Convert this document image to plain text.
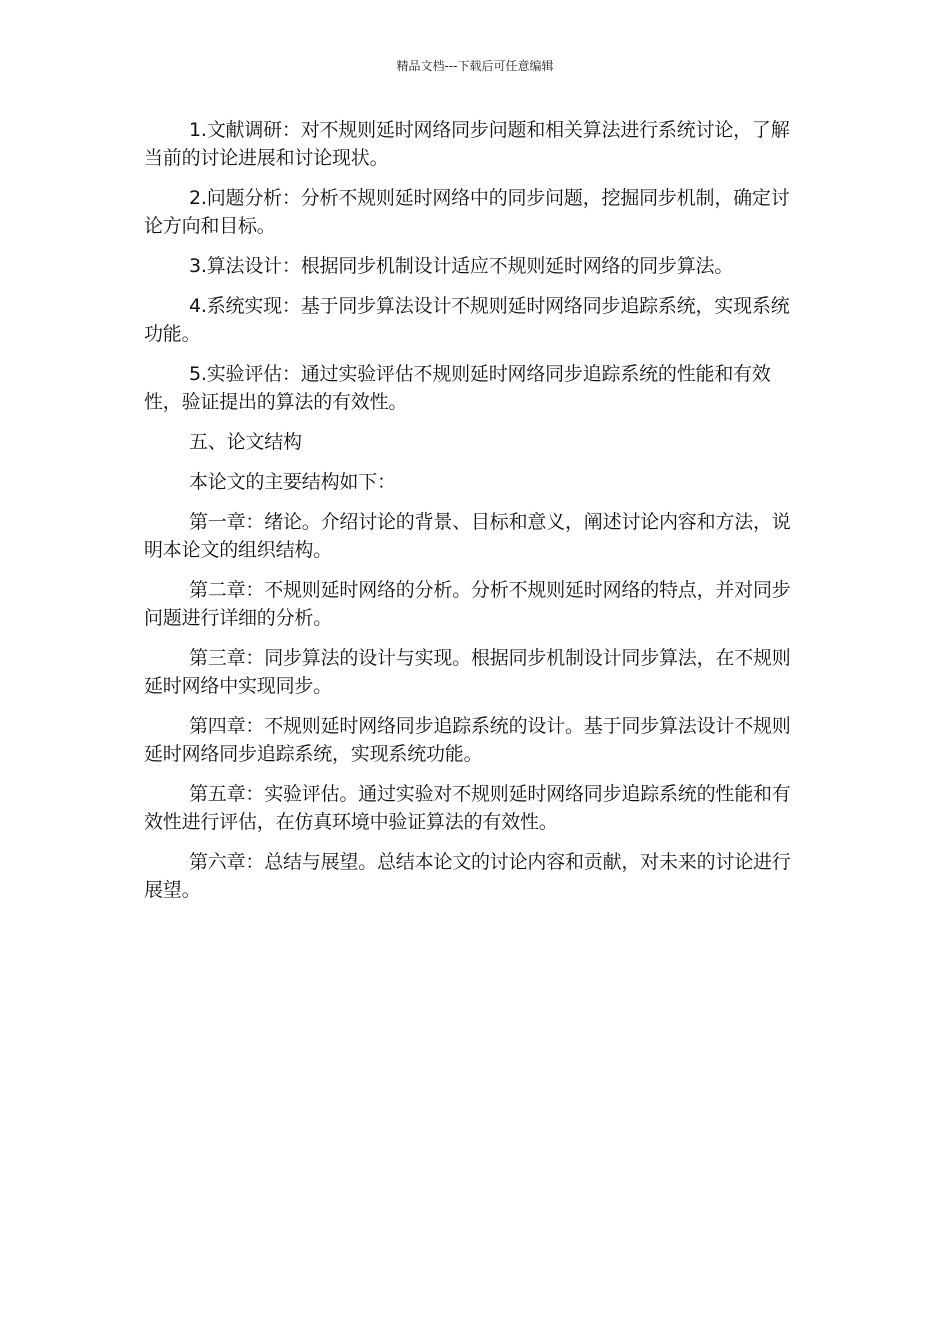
精品文档---下载后可任意编辑

1.文献调研：对不规则延时网络同步问题和相关算法进行系统讨论，了解当前的讨论进展和讨论现状。

2.问题分析：分析不规则延时网络中的同步问题，挖掘同步机制，确定讨论方向和目标。

3.算法设计：根据同步机制设计适应不规则延时网络的同步算法。

4.系统实现：基于同步算法设计不规则延时网络同步追踪系统，实现系统功能。

5.实验评估：通过实验评估不规则延时网络同步追踪系统的性能和有效性，验证提出的算法的有效性。

五、论文结构

本论文的主要结构如下：

第一章：绪论。介绍讨论的背景、目标和意义，阐述讨论内容和方法，说明本论文的组织结构。

第二章：不规则延时网络的分析。分析不规则延时网络的特点，并对同步问题进行详细的分析。

第三章：同步算法的设计与实现。根据同步机制设计同步算法，在不规则延时网络中实现同步。

第四章：不规则延时网络同步追踪系统的设计。基于同步算法设计不规则延时网络同步追踪系统，实现系统功能。

第五章：实验评估。通过实验对不规则延时网络同步追踪系统的性能和有效性进行评估，在仿真环境中验证算法的有效性。

第六章：总结与展望。总结本论文的讨论内容和贡献，对未来的讨论进行展望。
